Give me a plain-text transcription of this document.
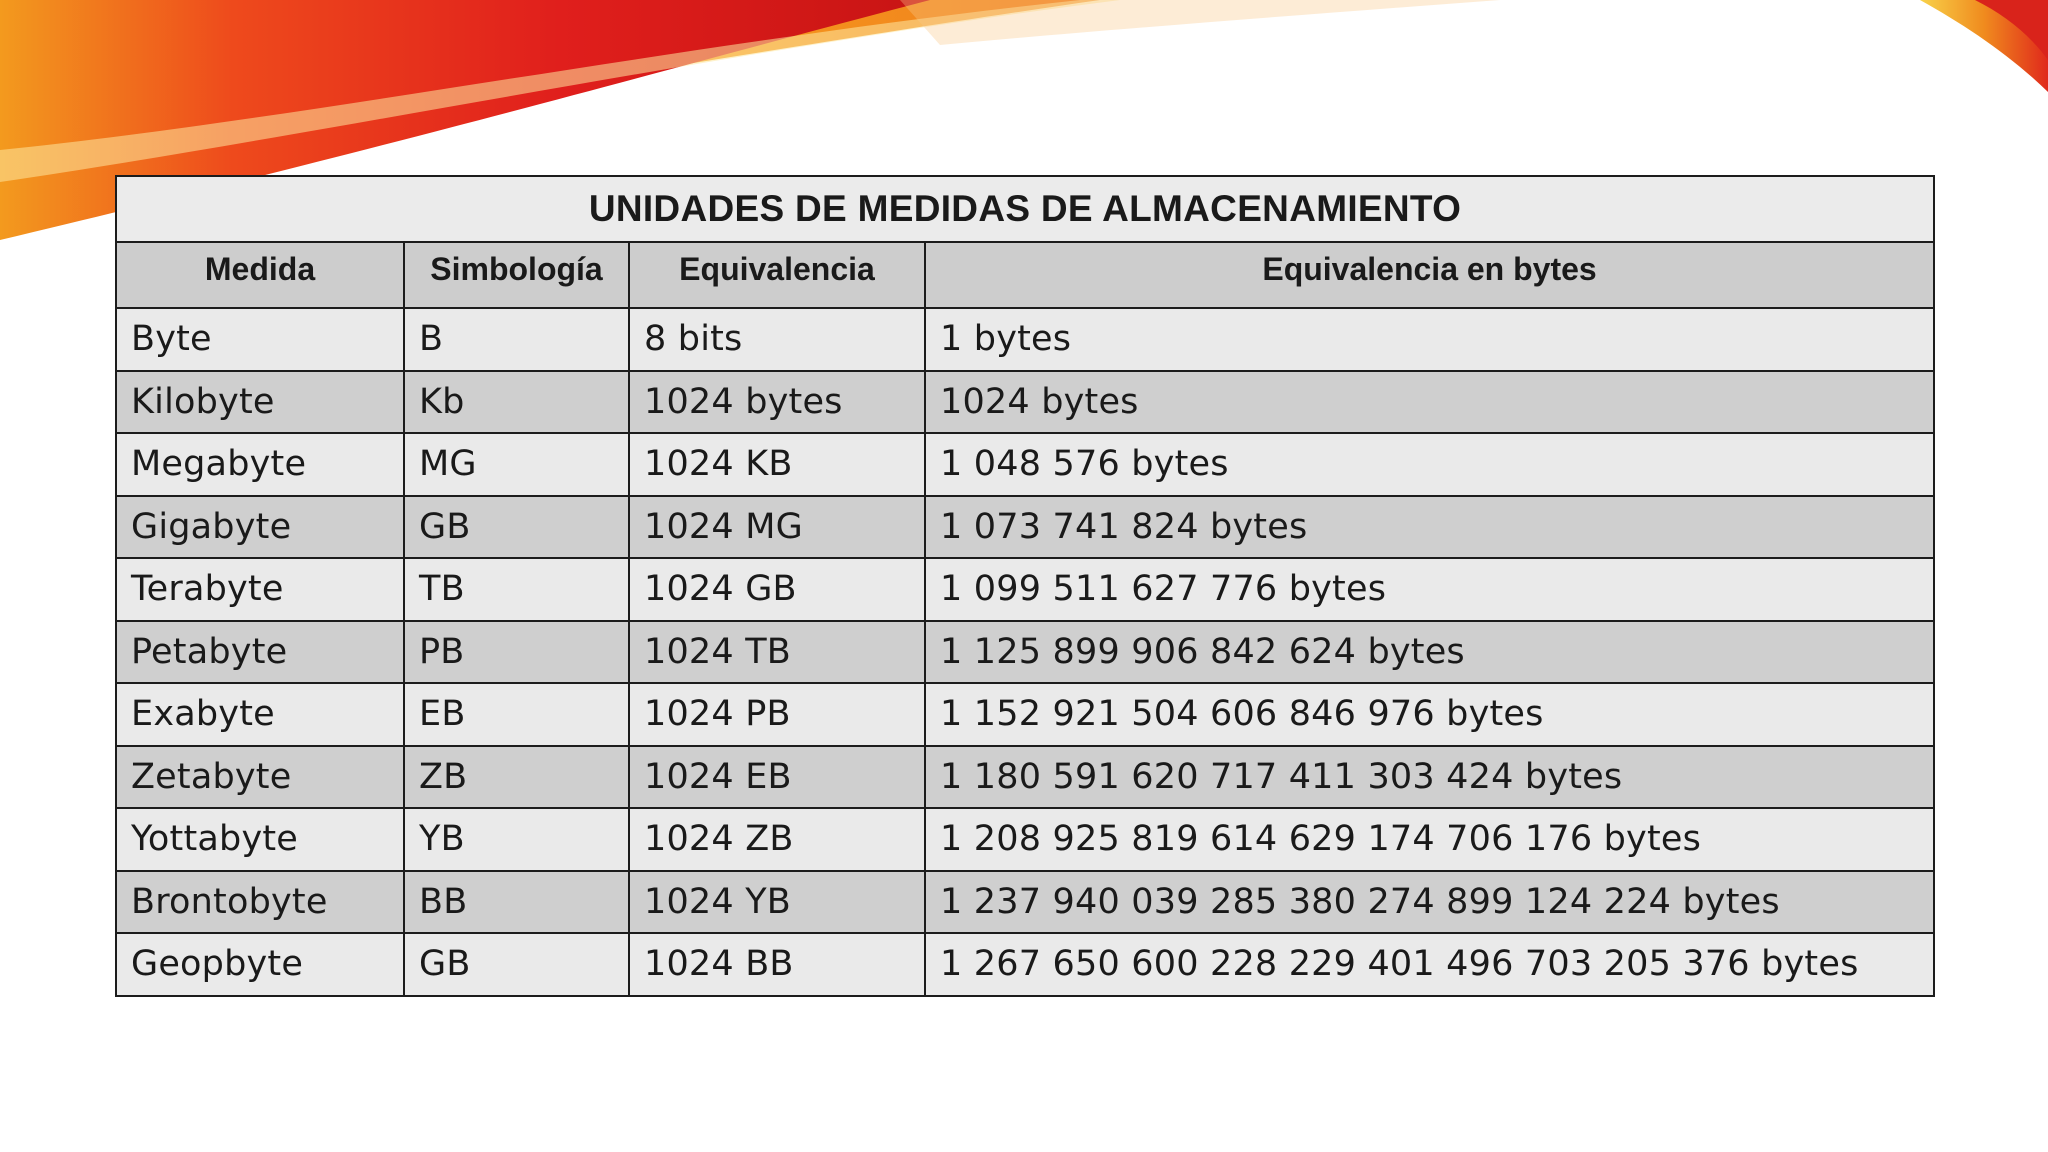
UNIDADES DE MEDIDAS DE ALMACENAMIENTO			
Medida	Simbología	Equivalencia	Equivalencia en bytes
Byte	B	8 bits	1 bytes
Kilobyte	Kb	1024 bytes	1024 bytes
Megabyte	MG	1024 KB	1 048 576 bytes
Gigabyte	GB	1024 MG	1 073 741 824 bytes
Terabyte	TB	1024 GB	1 099 511 627 776 bytes
Petabyte	PB	1024 TB	1 125 899 906 842 624 bytes
Exabyte	EB	1024 PB	1 152 921 504 606 846 976 bytes
Zetabyte	ZB	1024 EB	1 180 591 620 717 411 303 424 bytes
Yottabyte	YB	1024 ZB	1 208 925 819 614 629 174 706 176 bytes
Brontobyte	BB	1024 YB	1 237 940 039 285 380 274 899 124 224 bytes
Geopbyte	GB	1024 BB	1 267 650 600 228 229 401 496 703 205 376 bytes
